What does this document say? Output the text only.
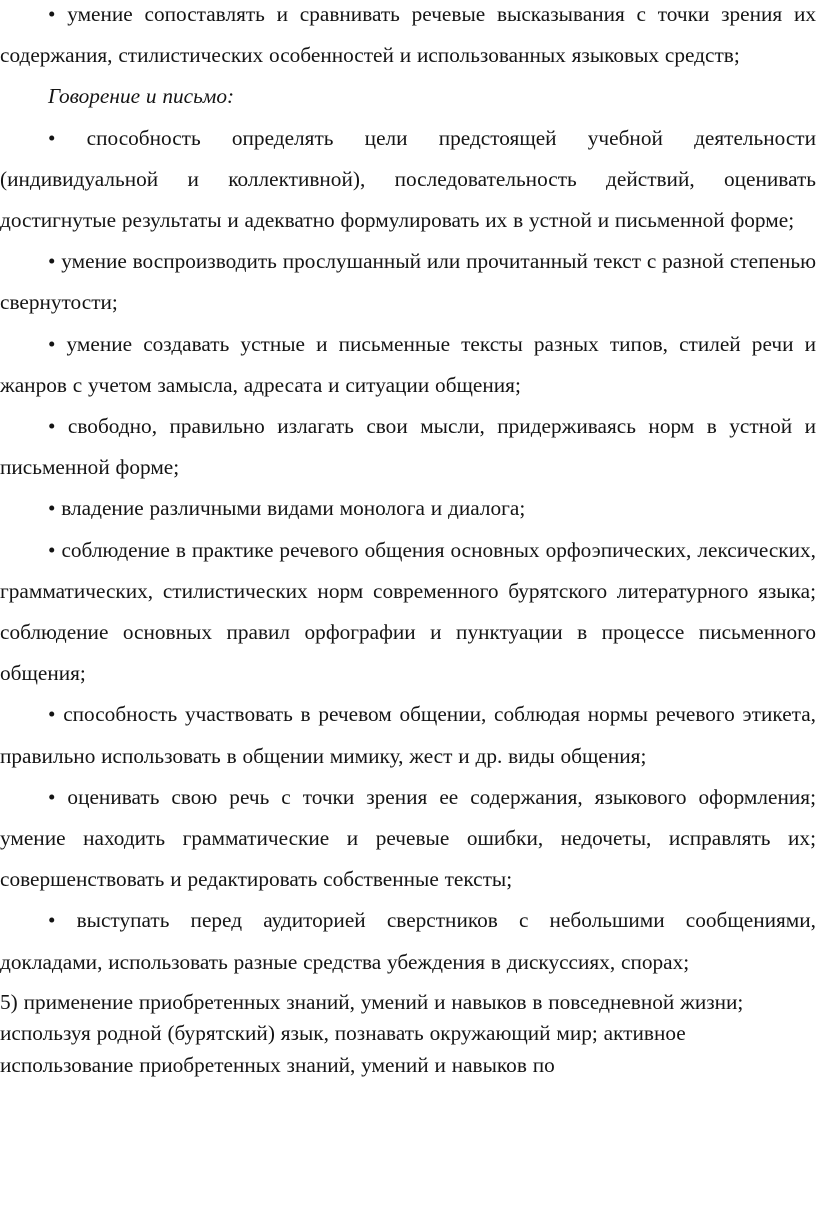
• умение сопоставлять и сравнивать речевые высказывания с точки зрения их содержания, стилистических особенностей и использованных языковых средств;

Говорение и письмо:

• способность определять цели предстоящей учебной деятельности (индивидуальной и коллективной), последовательность действий, оценивать достигнутые результаты и адекватно формулировать их в устной и письменной форме;

• умение воспроизводить прослушанный или прочитанный текст с разной степенью свернутости;

• умение создавать устные и письменные тексты разных типов, стилей речи и жанров с учетом замысла, адресата и ситуации общения;

• свободно, правильно излагать свои мысли, придерживаясь норм в устной и письменной форме;

• владение различными видами монолога и диалога;

• соблюдение в практике речевого общения основных орфоэпических, лексических, грамматических, стилистических норм современного бурятского литературного языка; соблюдение основных правил орфографии и пунктуации в процессе письменного общения;

• способность участвовать в речевом общении, соблюдая нормы речевого этикета, правильно использовать в общении мимику, жест и др. виды общения;

• оценивать свою речь с точки зрения ее содержания, языкового оформления; умение находить грамматические и речевые ошибки, недочеты, исправлять их; совершенствовать и редактировать собственные тексты;

• выступать перед аудиторией сверстников с небольшими сообщениями, докладами, использовать разные средства убеждения в дискуссиях, спорах;

5) применение приобретенных знаний, умений и навыков в повседневной жизни; используя родной (бурятский) язык, познавать окружающий мир; активное использование приобретенных знаний, умений и навыков по
